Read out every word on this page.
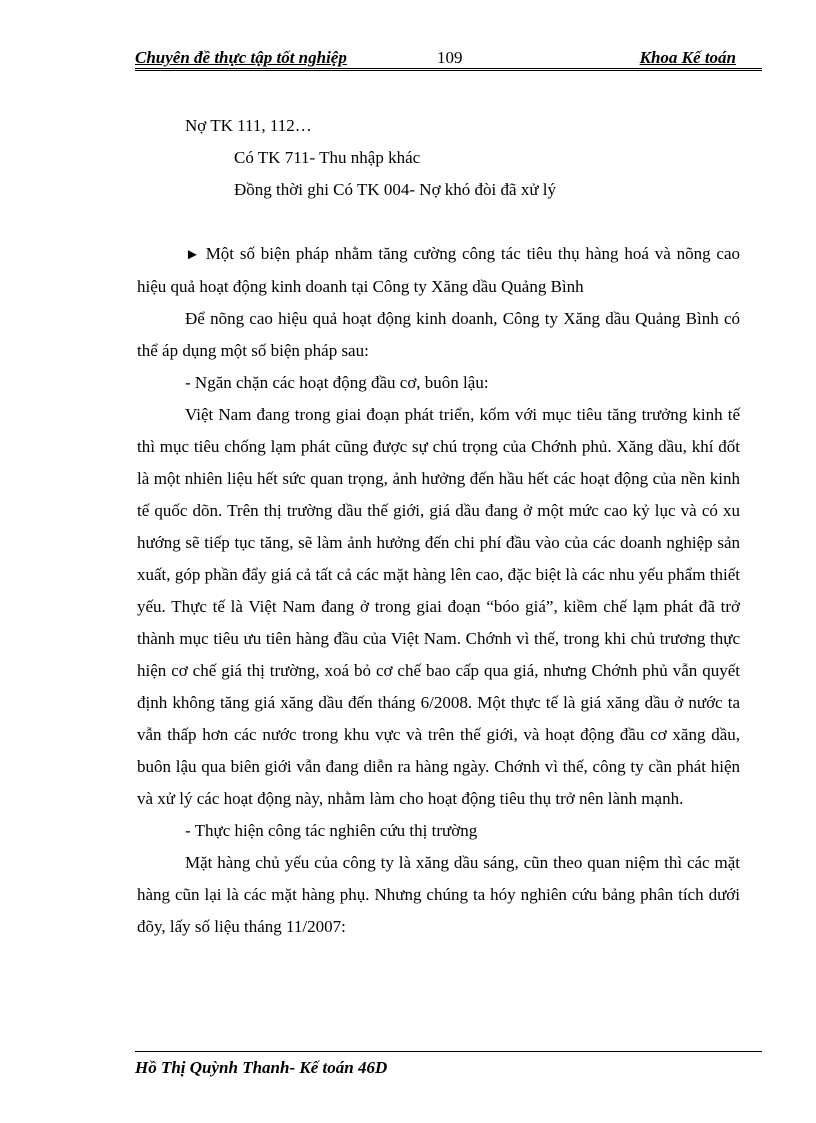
Chuyên đề thực tập tốt nghiệp	109	Khoa Kế toán

Nợ TK 111, 112…

Có TK 711- Thu nhập khác

Đồng thời ghi Có TK 004- Nợ khó đòi đã xử lý

► Một số biện pháp nhằm tăng cường công tác tiêu thụ hàng hoá và nõng cao hiệu quả hoạt động kinh doanh tại Công ty Xăng dầu Quảng Bình

Để nõng cao hiệu quả hoạt động kinh doanh, Công ty Xăng dầu Quảng Bình có thể áp dụng một số biện pháp sau:

- Ngăn chặn các hoạt động đầu cơ, buôn lậu:

Việt Nam đang trong giai đoạn phát triển, kốm với mục tiêu tăng trưởng kinh tế thì mục tiêu chống lạm phát cũng được sự chú trọng của Chớnh phủ. Xăng dầu, khí đốt là một nhiên liệu hết sức quan trọng, ảnh hưởng đến hầu hết các hoạt động của nền kinh tế quốc dõn. Trên thị trường dầu thế giới, giá dầu đang ở một mức cao kỷ lục và có xu hướng sẽ tiếp tục tăng, sẽ làm ảnh hưởng đến chi phí đầu vào của các doanh nghiệp sản xuất, góp phần đẩy giá cả tất cả các mặt hàng lên cao, đặc biệt là các nhu yếu phẩm thiết yếu. Thực tế là Việt Nam đang ở trong giai đoạn “bóo giá”, kiềm chế lạm phát đã trở thành mục tiêu ưu tiên hàng đầu của Việt Nam. Chớnh vì thế, trong khi chủ trương thực hiện cơ chế giá thị trường, xoá bỏ cơ chế bao cấp qua giá, nhưng Chớnh phủ vẫn quyết định không tăng giá xăng dầu đến tháng 6/2008. Một thực tế là giá xăng dầu ở nước ta vẫn thấp hơn các nước trong khu vực và trên thế giới, và hoạt động đầu cơ xăng dầu, buôn lậu qua biên giới vẫn đang diễn ra hàng ngày. Chớnh vì thế, công ty cần phát hiện và xử lý các hoạt động này, nhằm làm cho hoạt động tiêu thụ trở nên lành mạnh.

- Thực hiện công tác nghiên cứu thị trường

Mặt hàng chủ yếu của công ty là xăng dầu sáng, cũn theo quan niệm thì các mặt hàng cũn lại là các mặt hàng phụ. Nhưng chúng ta hóy nghiên cứu bảng phân tích dưới đõy, lấy số liệu tháng 11/2007:

Hồ Thị Quỳnh Thanh- Kế toán 46D
